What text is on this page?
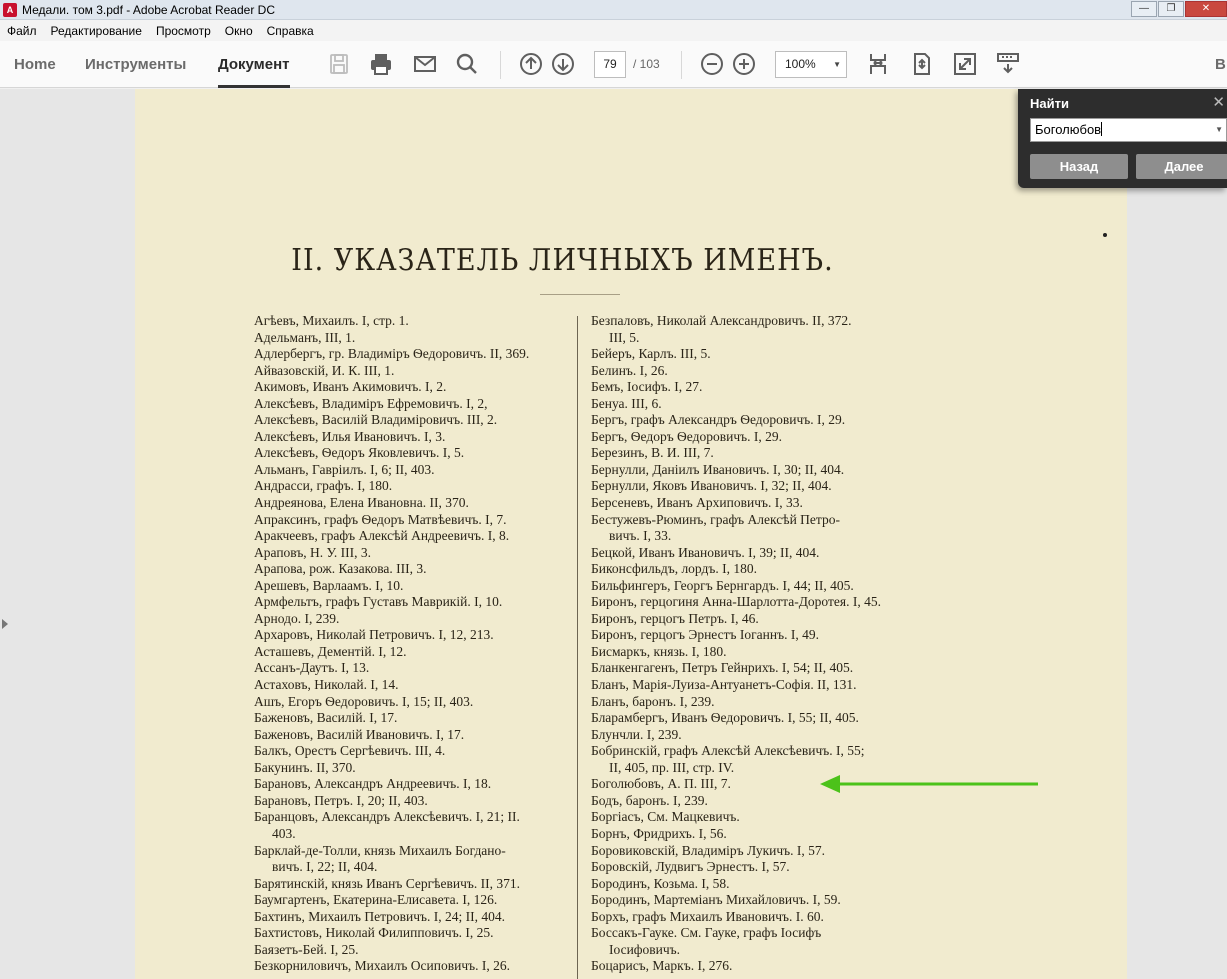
A Медали. том 3.pdf - Adobe Acrobat Reader DC	—	❐	✕
Файл Редактирование Просмотр Окно Справка
Home Инструменты Документ	В
79	/ 103	100% ▼
II. УКАЗАТЕЛЬ ЛИЧНЫХЪ ИМЕНЪ.
Агѣевъ, Михаилъ. I, стр. 1.
Адельманъ, III, 1.
Адлербергъ, гр. Владиміръ Ѳедоровичъ. II, 369.
Айвазовскій, И. К. III, 1.
Акимовъ, Иванъ Акимовичъ. I, 2.
Алексѣевъ, Владиміръ Ефремовичъ. I, 2,
Алексѣевъ, Василій Владиміровичъ. III, 2.
Алексѣевъ, Илья Ивановичъ. I, 3.
Алексѣевъ, Ѳедоръ Яковлевичъ. I, 5.
Альманъ, Гавріилъ. I, 6; II, 403.
Андрасси, графъ. I, 180.
Андреянова, Елена Ивановна. II, 370.
Апраксинъ, графъ Ѳедоръ Матвѣевичъ. I, 7.
Аракчеевъ, графъ Алексѣй Андреевичъ. I, 8.
Араповъ, Н. У. III, 3.
Арапова, рож. Казакова. III, 3.
Арешевъ, Варлаамъ. I, 10.
Армфельтъ, графъ Густавъ Маврикій. I, 10.
Арнодо. I, 239.
Архаровъ, Николай Петровичъ. I, 12, 213.
Асташевъ, Дементій. I, 12.
Ассанъ-Даутъ. I, 13.
Астаховъ, Николай. I, 14.
Ашъ, Егоръ Ѳедоровичъ. I, 15; II, 403.
Баженовъ, Василій. I, 17.
Баженовъ, Василій Ивановичъ. I, 17.
Балкъ, Орестъ Сергѣевичъ. III, 4.
Бакунинъ. II, 370.
Барановъ, Александръ Андреевичъ. I, 18.
Барановъ, Петръ. I, 20; II, 403.
Баранцовъ, Александръ Алексѣевичъ. I, 21; II.
403.
Барклай-де-Толли, князь Михаилъ Богдано-
вичъ. I, 22; II, 404.
Барятинскій, князь Иванъ Сергѣевичъ. II, 371.
Баумгартенъ, Екатерина-Елисавета. I, 126.
Бахтинъ, Михаилъ Петровичъ. I, 24; II, 404.
Бахтистовъ, Николай Филипповичъ. I, 25.
Баязетъ-Бей. I, 25.
Безкорниловичъ, Михаилъ Осиповичъ. I, 26.
Безпаловъ, Николай Александровичъ. II, 372.
III, 5.
Бейеръ, Карлъ. III, 5.
Белинъ. I, 26.
Бемъ, Іосифъ. I, 27.
Бенуа. III, 6.
Бергъ, графъ Александръ Ѳедоровичъ. I, 29.
Бергъ, Ѳедоръ Ѳедоровичъ. I, 29.
Березинъ, В. И. III, 7.
Бернулли, Даніилъ Ивановичъ. I, 30; II, 404.
Бернулли, Яковъ Ивановичъ. I, 32; II, 404.
Берсеневъ, Иванъ Архиповичъ. I, 33.
Бестужевъ-Рюминъ, графъ Алексѣй Петро-
вичъ. I, 33.
Бецкой, Иванъ Ивановичъ. I, 39; II, 404.
Биконсфильдъ, лордъ. I, 180.
Бильфингеръ, Георгъ Бернгардъ. I, 44; II, 405.
Биронъ, герцогиня Анна-Шарлотта-Доротея. I, 45.
Биронъ, герцогъ Петръ. I, 46.
Биронъ, герцогъ Эрнестъ Іоганнъ. I, 49.
Бисмаркъ, князь. I, 180.
Бланкенгагенъ, Петръ Гейнрихъ. I, 54; II, 405.
Бланъ, Марія-Луиза-Антуанетъ-Софія. II, 131.
Бланъ, баронъ. I, 239.
Бларамбергъ, Иванъ Ѳедоровичъ. I, 55; II, 405.
Блунчли. I, 239.
Бобринскій, графъ Алексѣй Алексѣевичъ. I, 55;
II, 405, пр. III, стр. IV.
Боголюбовъ, А. П. III, 7.
Бодъ, баронъ. I, 239.
Боргіасъ, См. Мацкевичъ.
Борнъ, Фридрихъ. I, 56.
Боровиковскій, Владиміръ Лукичъ. I, 57.
Боровскій, Лудвигъ Эрнестъ. I, 57.
Бородинъ, Козьма. I, 58.
Бородинъ, Мартеміанъ Михайловичъ. I, 59.
Борхъ, графъ Михаилъ Ивановичъ. I. 60.
Боссакъ-Гауке. См. Гауке, графъ Іосифъ
Іосифовичъ.
Боцарисъ, Маркъ. I, 276.
Найти	✕
Боголюбов	▼
Назад	Далее
